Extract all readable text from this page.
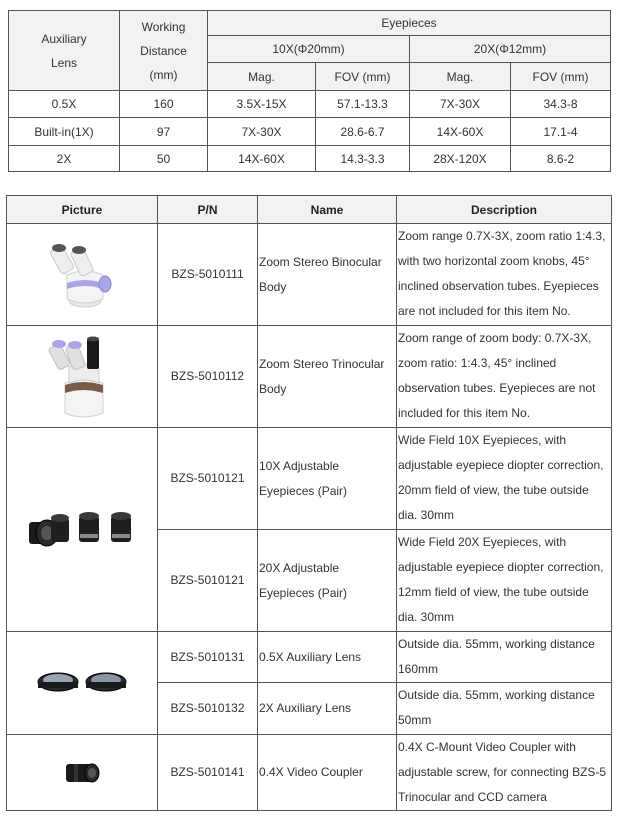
Auxiliary
Lens	Working
Distance
(mm)	Eyepieces			
		10X(Φ20mm)		20X(Φ12mm)	
		Mag.	FOV (mm)	Mag.	FOV (mm)
0.5X	160	3.5X-15X	57.1-13.3	7X-30X	34.3-8
Built-in(1X)	97	7X-30X	28.6-6.7	14X-60X	17.1-4
2X	50	14X-60X	14.3-3.3	28X-120X	8.6-2
Picture	P/N	Name	Description

	BZS-5010111	Zoom Stereo Binocular
Body	Zoom range 0.7X-3X, zoom ratio 1:4.3,
with two horizontal zoom knobs, 45°
inclined observation tubes. Eyepieces
are not included for this item No.

	BZS-5010112	Zoom Stereo Trinocular
Body	Zoom range of zoom body: 0.7X-3X,
zoom ratio: 1:4.3, 45° inclined
observation tubes. Eyepieces are not
included for this item No.

	BZS-5010121	10X Adjustable
Eyepieces (Pair)	Wide Field 10X Eyepieces, with
adjustable eyepiece diopter correction,
20mm field of view, the tube outside
dia. 30mm

	BZS-5010121	20X Adjustable
Eyepieces (Pair)	Wide Field 20X Eyepieces, with
adjustable eyepiece diopter correction,
12mm field of view, the tube outside
dia. 30mm

	BZS-5010131	0.5X Auxiliary Lens	Outside dia. 55mm, working distance
160mm

	BZS-5010132	2X Auxiliary Lens	Outside dia. 55mm, working distance
50mm

	BZS-5010141	0.4X Video Coupler	0.4X C-Mount Video Coupler with
adjustable screw, for connecting BZS-5
Trinocular and CCD camera
